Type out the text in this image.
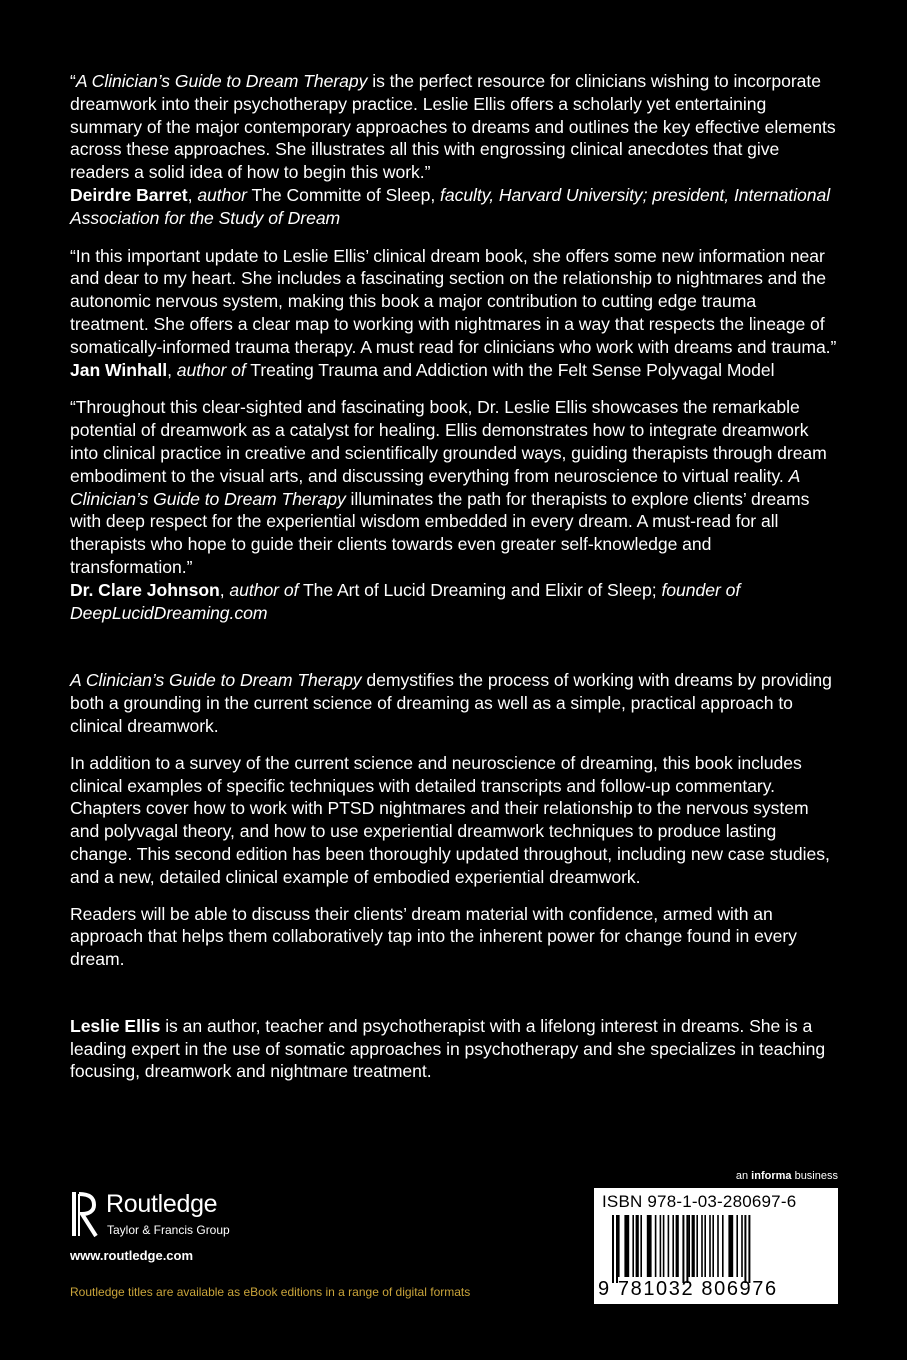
“A Clinician’s Guide to Dream Therapy is the perfect resource for clinicians wishing to incorporate dreamwork into their psychotherapy practice. Leslie Ellis offers a scholarly yet entertaining summary of the major contemporary approaches to dreams and outlines the key effective elements across these approaches. She illustrates all this with engrossing clinical anecdotes that give readers a solid idea of how to begin this work.”

Deirdre Barret, author The Committe of Sleep, faculty, Harvard University; president, International Association for the Study of Dream

“In this important update to Leslie Ellis’ clinical dream book, she offers some new information near and dear to my heart. She includes a fascinating section on the relationship to nightmares and the autonomic nervous system, making this book a major contribution to cutting edge trauma treatment. She offers a clear map to working with nightmares in a way that respects the lineage of somatically-informed trauma therapy. A must read for clinicians who work with dreams and trauma.”

Jan Winhall, author of Treating Trauma and Addiction with the Felt Sense Polyvagal Model

“Throughout this clear-sighted and fascinating book, Dr. Leslie Ellis showcases the remarkable potential of dreamwork as a catalyst for healing. Ellis demonstrates how to integrate dreamwork into clinical practice in creative and scientifically grounded ways, guiding therapists through dream embodiment to the visual arts, and discussing everything from neuroscience to virtual reality. A Clinician’s Guide to Dream Therapy illuminates the path for therapists to explore clients’ dreams with deep respect for the experiential wisdom embedded in every dream. A must-read for all therapists who hope to guide their clients towards even greater self-knowledge and transformation.”

Dr. Clare Johnson, author of The Art of Lucid Dreaming and Elixir of Sleep; founder of DeepLucidDreaming.com

A Clinician’s Guide to Dream Therapy demystifies the process of working with dreams by providing both a grounding in the current science of dreaming as well as a simple, practical approach to clinical dreamwork.

In addition to a survey of the current science and neuroscience of dreaming, this book includes clinical examples of specific techniques with detailed transcripts and follow-up commentary. Chapters cover how to work with PTSD nightmares and their relationship to the nervous system and polyvagal theory, and how to use experiential dreamwork techniques to produce lasting change. This second edition has been thoroughly updated throughout, including new case studies, and a new, detailed clinical example of embodied experiential dreamwork.

Readers will be able to discuss their clients’ dream material with confidence, armed with an approach that helps them collaboratively tap into the inherent power for change found in every dream.

Leslie Ellis is an author, teacher and psychotherapist with a lifelong interest in dreams. She is a leading expert in the use of somatic approaches in psychotherapy and she specializes in teaching focusing, dreamwork and nightmare treatment.

an informa business
Routledge
Taylor & Francis Group
www.routledge.com
Routledge titles are available as eBook editions in a range of digital formats
ISBN 978-1-03-280697-6
9 781032 806976
